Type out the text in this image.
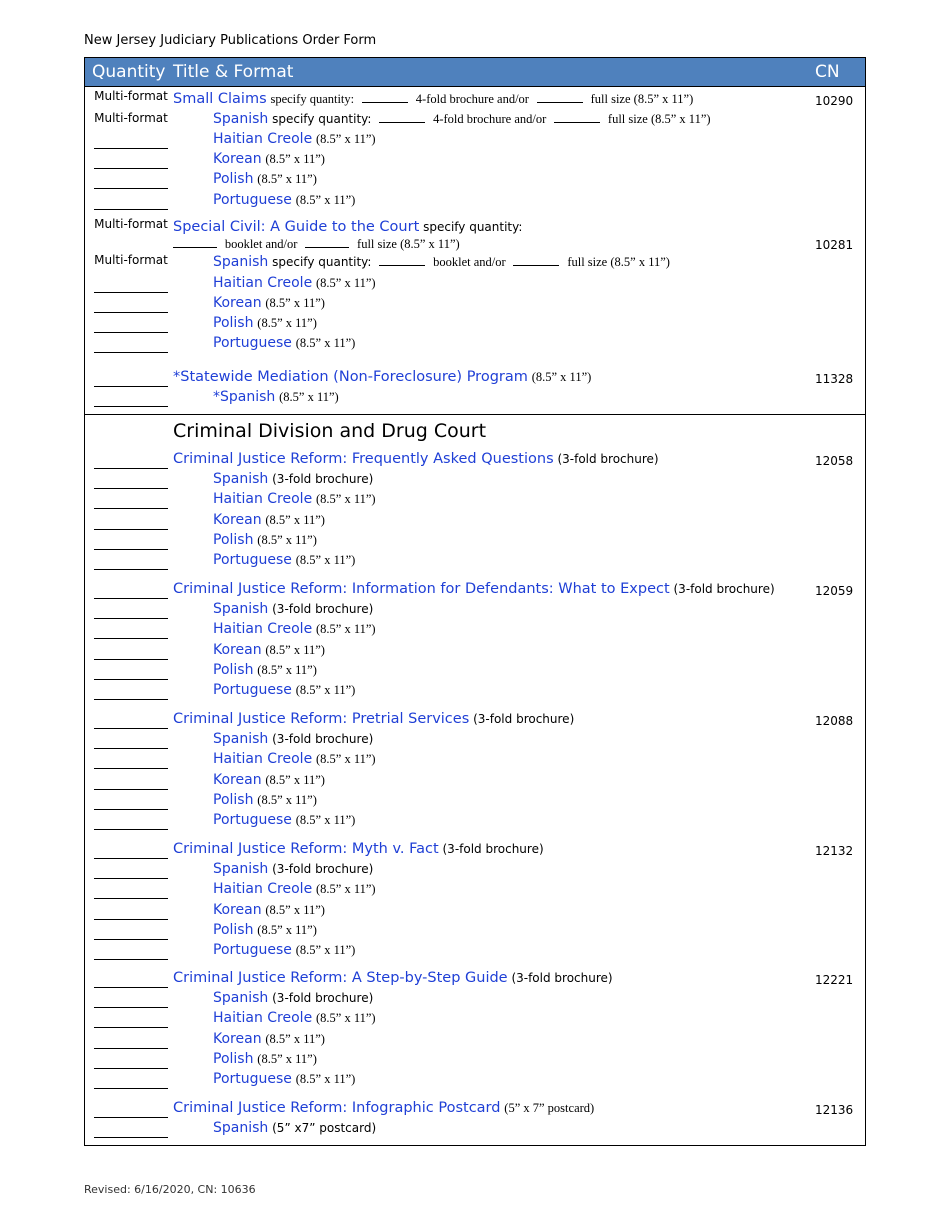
New Jersey Judiciary Publications Order Form
Quantity Title & Format	CN
Multi-format Small Claims specify quantity:	4-fold brochure and/or	full size (8.5” x 11”)	10290
Multi-format	Spanish specify quantity:	4-fold brochure and/or	full size (8.5” x 11”)
Haitian Creole (8.5” x 11”)
Korean (8.5” x 11”)
Polish (8.5” x 11”)
Portuguese (8.5” x 11”)
Multi-format Special Civil: A Guide to the Court specify quantity:
booklet and/or	full size (8.5” x 11”)	10281
Multi-format	Spanish specify quantity:	booklet and/or	full size (8.5” x 11”)
Haitian Creole (8.5” x 11”)
Korean (8.5” x 11”)
Polish (8.5” x 11”)
Portuguese (8.5” x 11”)
*Statewide Mediation (Non-Foreclosure) Program (8.5” x 11”)	11328
*Spanish (8.5” x 11”)
Criminal Division and Drug Court
Criminal Justice Reform: Frequently Asked Questions (3-fold brochure)	12058
Spanish (3-fold brochure)
Haitian Creole (8.5” x 11”)
Korean (8.5” x 11”)
Polish (8.5” x 11”)
Portuguese (8.5” x 11”)
Criminal Justice Reform: Information for Defendants: What to Expect (3-fold brochure)	12059
Spanish (3-fold brochure)
Haitian Creole (8.5” x 11”)
Korean (8.5” x 11”)
Polish (8.5” x 11”)
Portuguese (8.5” x 11”)
Criminal Justice Reform: Pretrial Services (3-fold brochure)	12088
Spanish (3-fold brochure)
Haitian Creole (8.5” x 11”)
Korean (8.5” x 11”)
Polish (8.5” x 11”)
Portuguese (8.5” x 11”)
Criminal Justice Reform: Myth v. Fact (3-fold brochure)	12132
Spanish (3-fold brochure)
Haitian Creole (8.5” x 11”)
Korean (8.5” x 11”)
Polish (8.5” x 11”)
Portuguese (8.5” x 11”)
Criminal Justice Reform: A Step-by-Step Guide (3-fold brochure)	12221
Spanish (3-fold brochure)
Haitian Creole (8.5” x 11”)
Korean (8.5” x 11”)
Polish (8.5” x 11”)
Portuguese (8.5” x 11”)
Criminal Justice Reform: Infographic Postcard (5” x 7” postcard)	12136
Spanish (5” x7” postcard)
Revised: 6/16/2020, CN: 10636
